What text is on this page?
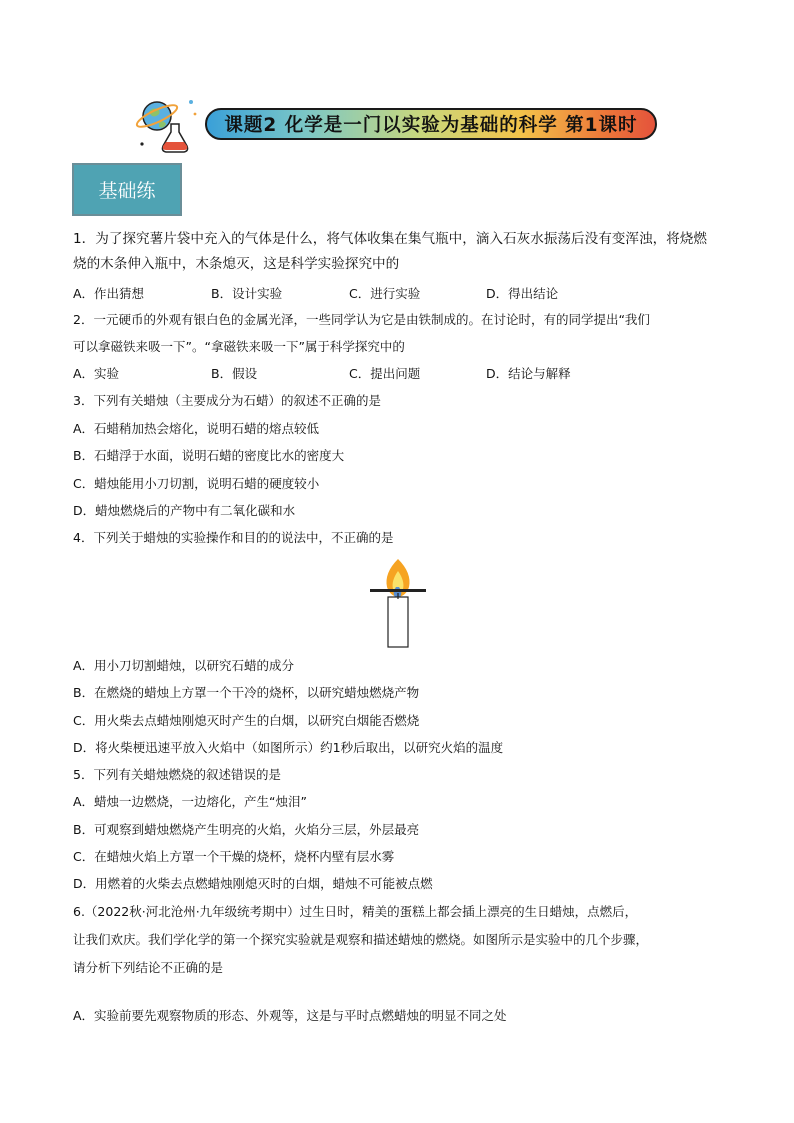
课题2 化学是一门以实验为基础的科学 第1课时
基础练
1．为了探究薯片袋中充入的气体是什么，将气体收集在集气瓶中，滴入石灰水振荡后没有变浑浊，将烧燃
烧的木条伸入瓶中，木条熄灭，这是科学实验探究中的
A．作出猜想	B．设计实验	C．进行实验	D．得出结论
2．一元硬币的外观有银白色的金属光泽，一些同学认为它是由铁制成的。在讨论时，有的同学提出“我们
可以拿磁铁来吸一下”。“拿磁铁来吸一下”属于科学探究中的
A．实验	B．假设	C．提出问题	D．结论与解释
3．下列有关蜡烛（主要成分为石蜡）的叙述不正确的是
A．石蜡稍加热会熔化，说明石蜡的熔点较低
B．石蜡浮于水面，说明石蜡的密度比水的密度大
C．蜡烛能用小刀切割，说明石蜡的硬度较小
D．蜡烛燃烧后的产物中有二氧化碳和水
4．下列关于蜡烛的实验操作和目的的说法中，不正确的是
A．用小刀切割蜡烛，以研究石蜡的成分
B．在燃烧的蜡烛上方罩一个干冷的烧杯，以研究蜡烛燃烧产物
C．用火柴去点蜡烛刚熄灭时产生的白烟，以研究白烟能否燃烧
D．将火柴梗迅速平放入火焰中（如图所示）约1秒后取出，以研究火焰的温度
5．下列有关蜡烛燃烧的叙述错误的是
A．蜡烛一边燃烧，一边熔化，产生“烛泪”
B．可观察到蜡烛燃烧产生明亮的火焰，火焰分三层，外层最亮
C．在蜡烛火焰上方罩一个干燥的烧杯，烧杯内壁有层水雾
D．用燃着的火柴去点燃蜡烛刚熄灭时的白烟，蜡烛不可能被点燃
6.（2022秋·河北沧州·九年级统考期中）过生日时，精美的蛋糕上都会插上漂亮的生日蜡烛，点燃后，
让我们欢庆。我们学化学的第一个探究实验就是观察和描述蜡烛的燃烧。如图所示是实验中的几个步骤，
请分析下列结论不正确的是
A．实验前要先观察物质的形态、外观等，这是与平时点燃蜡烛的明显不同之处
